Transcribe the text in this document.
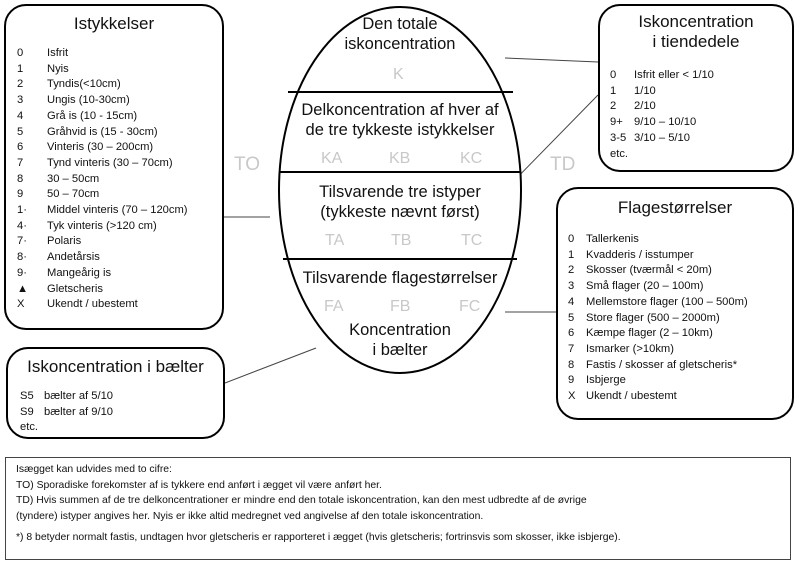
Den totale
iskoncentration
K
Delkoncentration af hver af
de tre tykkeste istykkelser
KA	KB	KC
Tilsvarende tre istyper
(tykkeste nævnt først)
TA	TB	TC
Tilsvarende flagestørrelser
FA	FB	FC
Koncentration
i bælter
TO	TD
Istykkelser
0 Isfrit
1 Nyis
2 Tyndis(<10cm)
3 Ungis (10-30cm)
4 Grå is (10 - 15cm)
5 Gråhvid is (15 - 30cm)
6 Vinteris (30 – 200cm)
7 Tynd vinteris (30 – 70cm)
8 30 – 50cm
9 50 – 70cm
1· Middel vinteris (70 – 120cm)
4· Tyk vinteris (>120 cm)
7· Polaris
8· Andetårsis
9· Mangeårig is
▲ Gletscheris
X Ukendt / ubestemt
Iskoncentration
i tiendedele
0 Isfrit eller < 1/10
1 1/10
2 2/10
9+ 9/10 – 10/10
3-5 3/10 – 5/10
etc.
Flagestørrelser
0 Tallerkenis
1 Kvadderis / isstumper
2 Skosser (tværmål < 20m)
3 Små flager (20 – 100m)
4 Mellemstore flager (100 – 500m)
5 Store flager (500 – 2000m)
6 Kæmpe flager (2 – 10km)
7 Ismarker (>10km)
8 Fastis / skosser af gletscheris*
9 Isbjerge
X Ukendt / ubestemt
Iskoncentration i bælter
S5 bælter af 5/10
S9 bælter af 9/10
etc.
Isægget kan udvides med to cifre:
TO) Sporadiske forekomster af is tykkere end anført i ægget vil være anført her.
TD) Hvis summen af de tre delkoncentrationer er mindre end den totale iskoncentration, kan den mest udbredte af de øvrige
(tyndere) istyper angives her. Nyis er ikke altid medregnet ved angivelse af den totale iskoncentration.
*) 8 betyder normalt fastis, undtagen hvor gletscheris er rapporteret i ægget (hvis gletscheris; fortrinsvis som skosser, ikke isbjerge).
